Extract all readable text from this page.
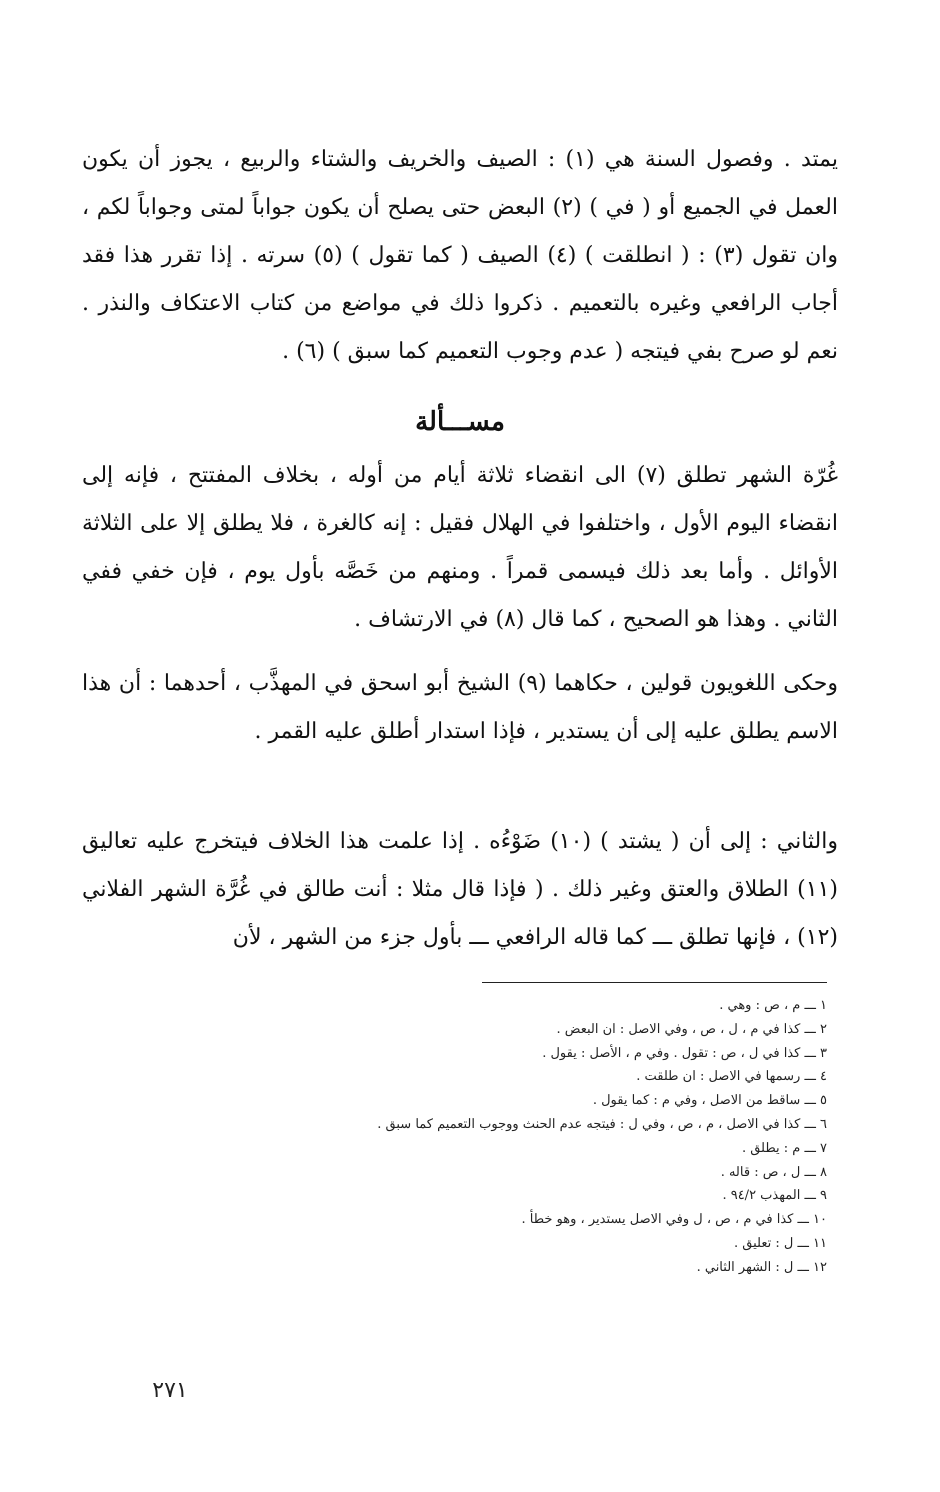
يمتد . وفصول السنة هي (١) : الصيف والخريف والشتاء والربيع ، يجوز أن يكون العمل في الجميع أو ( في ) (٢) البعض حتى يصلح أن يكون جواباً لمتى وجواباً لكم ، وان تقول (٣) : ( انطلقت ) (٤) الصيف ( كما تقول ) (٥) سرته . إذا تقرر هذا فقد أجاب الرافعي وغيره بالتعميم . ذكروا ذلك في مواضع من كتاب الاعتكاف والنذر . نعم لو صرح بفي فيتجه ( عدم وجوب التعميم كما سبق ) (٦) .

مســـألة

غُرّة الشهر تطلق (٧) الى انقضاء ثلاثة أيام من أوله ، بخلاف المفتتح ، فإنه إلى انقضاء اليوم الأول ، واختلفوا في الهلال فقيل : إنه كالغرة ، فلا يطلق إلا على الثلاثة الأوائل . وأما بعد ذلك فيسمى قمراً . ومنهم من خَصَّه بأول يوم ، فإن خفي ففي الثاني . وهذا هو الصحيح ، كما قال (٨) في الارتشاف .

وحكى اللغويون قولين ، حكاهما (٩) الشيخ أبو اسحق في المهذَّب ، أحدهما : أن هذا الاسم يطلق عليه إلى أن يستدير ، فإذا استدار أطلق عليه القمر .

والثاني : إلى أن ( يشتد ) (١٠) ضَوْءُه . إذا علمت هذا الخلاف فيتخرج عليه تعاليق (١١) الطلاق والعتق وغير ذلك . ( فإذا قال مثلا : أنت طالق في غُرَّة الشهر الفلاني (١٢) ، فإنها تطلق ـــ كما قاله الرافعي ـــ بأول جزء من الشهر ، لأن

١ ـــ م ، ص : وهي .
٢ ـــ كذا في م ، ل ، ص ، وفي الاصل : ان البعض .
٣ ـــ كذا في ل ، ص : تقول . وفي م ، الأصل : يقول .
٤ ـــ رسمها في الاصل : ان طلقت .
٥ ـــ ساقط من الاصل ، وفي م : كما يقول .
٦ ـــ كذا في الاصل ، م ، ص ، وفي ل : فيتجه عدم الحنث ووجوب التعميم كما سبق .
٧ ـــ م : يطلق .
٨ ـــ ل ، ص : قاله .
٩ ـــ المهذب ٩٤/٢ .
١٠ ـــ كذا في م ، ص ، ل وفي الاصل يستدير ، وهو خطأ .
١١ ـــ ل : تعليق .
١٢ ـــ ل : الشهر الثاني .
٢٧١
